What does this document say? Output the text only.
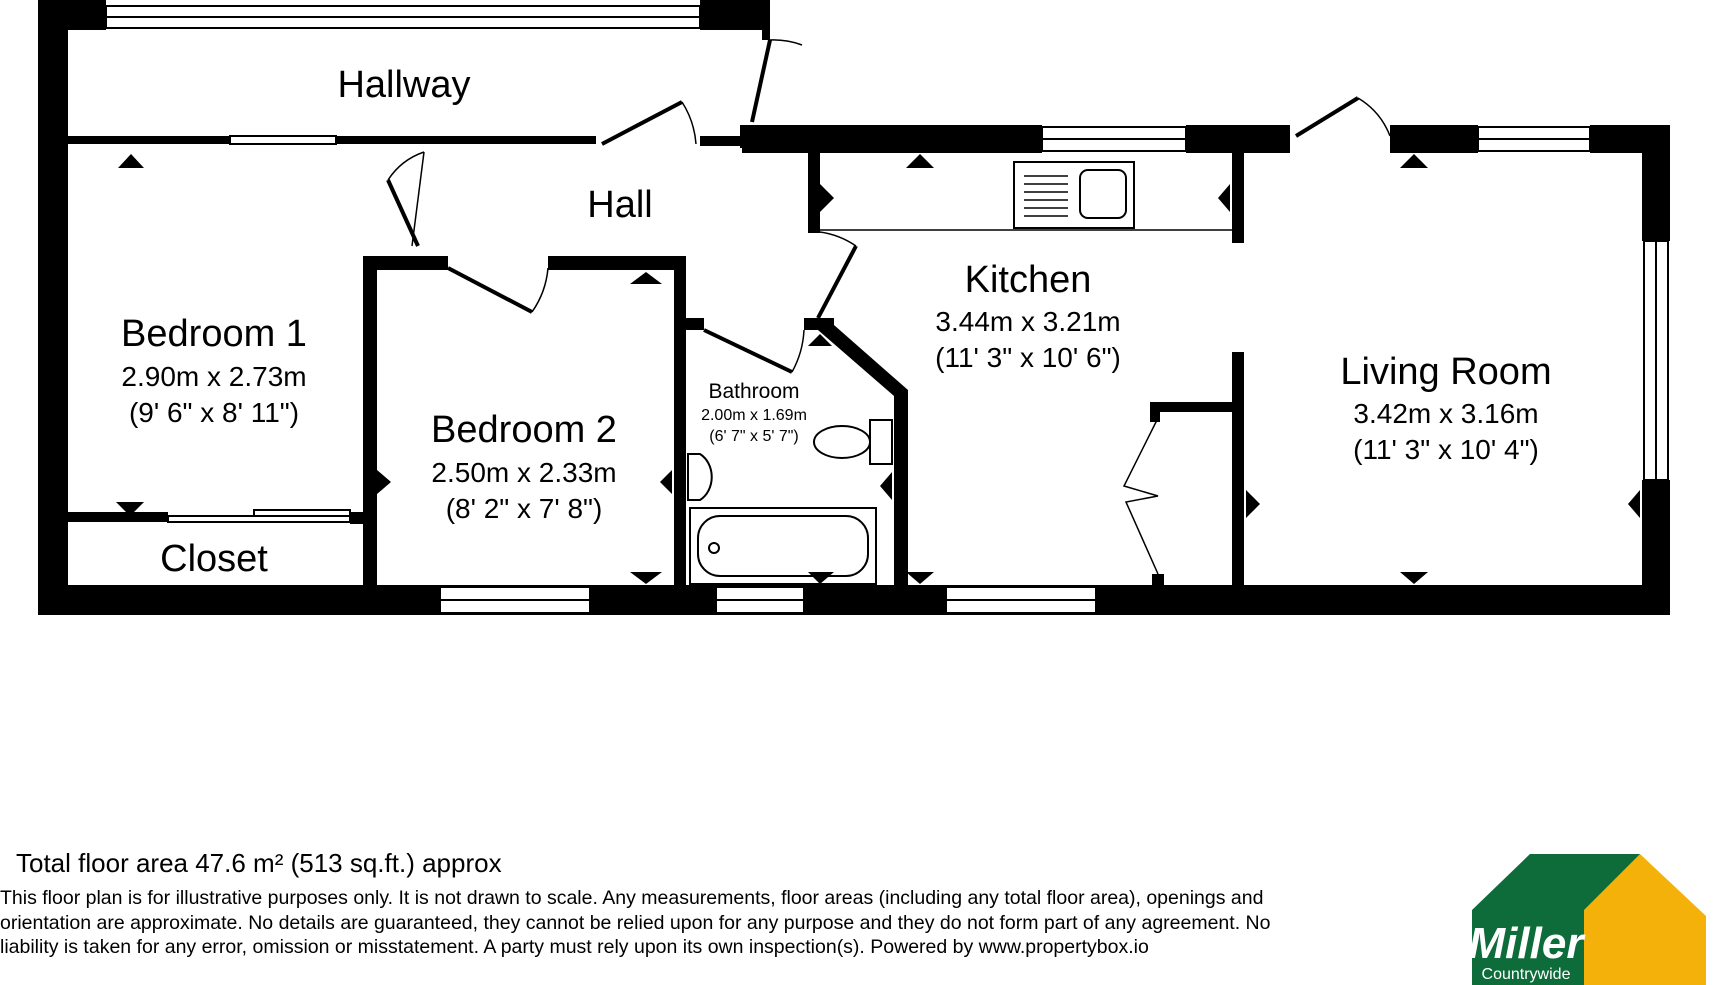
Hallway
Hall
Bedroom 1
2.90m x 2.73m
(9' 6" x 8' 11")	Bedroom 2
2.50m x 2.33m
(8' 2" x 7' 8")
Closet
Bathroom
2.00m x 1.69m
(6' 7" x 5' 7")
Kitchen
3.44m x 3.21m
(11' 3" x 10' 6")	Living Room
3.42m x 3.16m
(11' 3" x 10' 4")
Total floor area 47.6 m² (513 sq.ft.) approx
This floor plan is for illustrative purposes only. It is not drawn to scale. Any measurements, floor areas (including any total floor area), openings and
orientation are approximate. No details are guaranteed, they cannot be relied upon for any purpose and they do not form part of any agreement. No
liability is taken for any error, omission or misstatement. A party must rely upon its own inspection(s). Powered by www.propertybox.io	Miller
Countrywide
